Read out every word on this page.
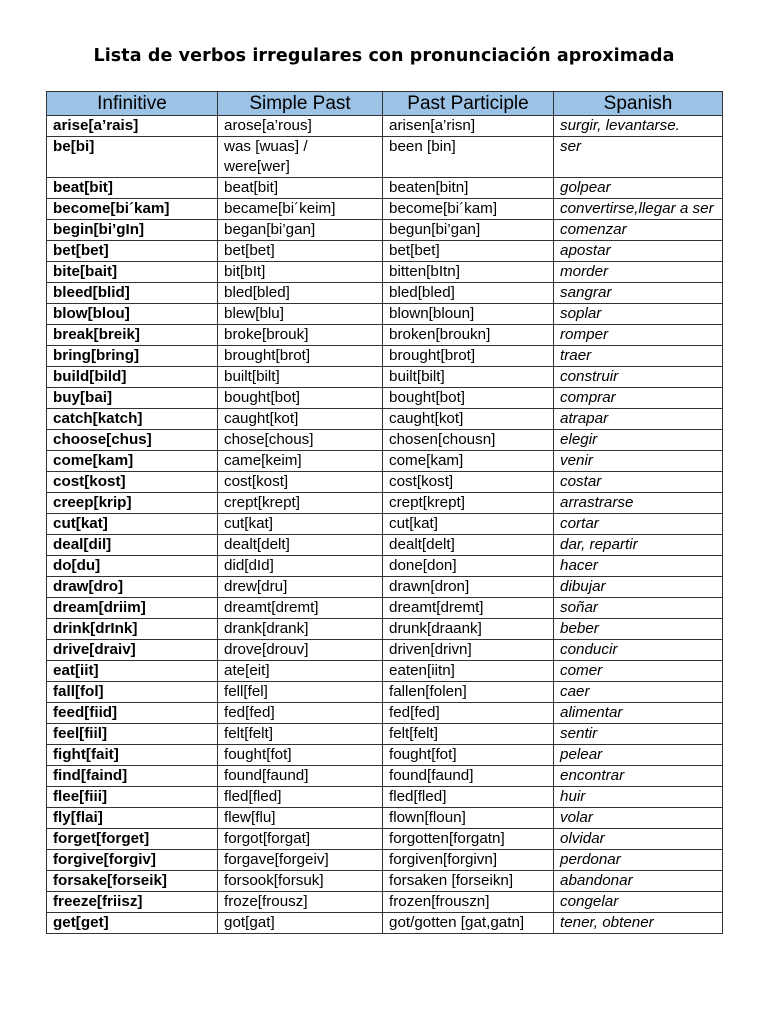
Lista de verbos irregulares con pronunciación aproximada
Infinitive	Simple Past	Past Participle	Spanish
arise[a’rais]	arose[a’rous]	arisen[a’risn]	surgir, levantarse.
be[bi]	was [wuas] / were[wer]	been [bin]	ser
beat[bit]	beat[bit]	beaten[bitn]	golpear
become[bi´kam]	became[bi´keim]	become[bi´kam]	convertirse,llegar a ser
begin[bi’gIn]	began[bi’gan]	begun[bi’gan]	comenzar
bet[bet]	bet[bet]	bet[bet]	apostar
bite[bait]	bit[bIt]	bitten[bItn]	morder
bleed[blid]	bled[bled]	bled[bled]	sangrar
blow[blou]	blew[blu]	blown[bloun]	soplar
break[breik]	broke[brouk]	broken[broukn]	romper
bring[bring]	brought[brot]	brought[brot]	traer
build[bild]	built[bilt]	built[bilt]	construir
buy[bai]	bought[bot]	bought[bot]	comprar
catch[katch]	caught[kot]	caught[kot]	atrapar
choose[chus]	chose[chous]	chosen[chousn]	elegir
come[kam]	came[keim]	come[kam]	venir
cost[kost]	cost[kost]	cost[kost]	costar
creep[krip]	crept[krept]	crept[krept]	arrastrarse
cut[kat]	cut[kat]	cut[kat]	cortar
deal[dil]	dealt[delt]	dealt[delt]	dar, repartir
do[du]	did[dId]	done[don]	hacer
draw[dro]	drew[dru]	drawn[dron]	dibujar
dream[driim]	dreamt[dremt]	dreamt[dremt]	soñar
drink[drInk]	drank[drank]	drunk[draank]	beber
drive[draiv]	drove[drouv]	driven[drivn]	conducir
eat[iit]	ate[eit]	eaten[iitn]	comer
fall[fol]	fell[fel]	fallen[folen]	caer
feed[fiid]	fed[fed]	fed[fed]	alimentar
feel[fiil]	felt[felt]	felt[felt]	sentir
fight[fait]	fought[fot]	fought[fot]	pelear
find[faind]	found[faund]	found[faund]	encontrar
flee[fiii]	fled[fled]	fled[fled]	huir
fly[flai]	flew[flu]	flown[floun]	volar
forget[forget]	forgot[forgat]	forgotten[forgatn]	olvidar
forgive[forgiv]	forgave[forgeiv]	forgiven[forgivn]	perdonar
forsake[forseik]	forsook[forsuk]	forsaken [forseikn]	abandonar
freeze[friisz]	froze[frousz]	frozen[frouszn]	congelar
get[get]	got[gat]	got/gotten [gat,gatn]	tener, obtener
